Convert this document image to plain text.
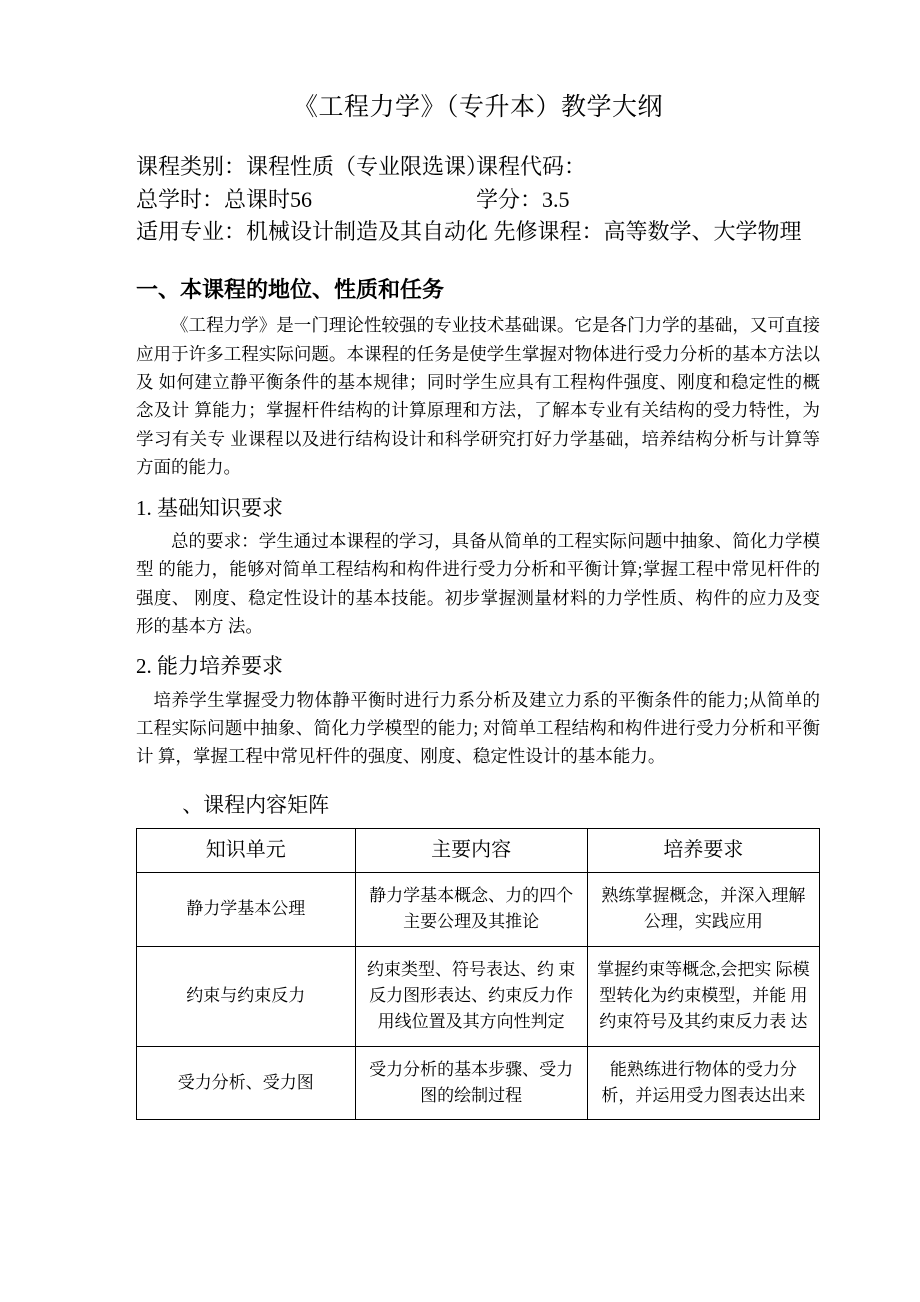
《工程力学》（专升本）教学大纲
课程类别：课程性质（专业限选课）课程代码：
总学时：总课时56	学分：3.5
适用专业：机械设计制造及其自动化 先修课程：高等数学、大学物理
一、本课程的地位、性质和任务

《工程力学》是一门理论性较强的专业技术基础课。它是各门力学的基础，又可直接 应用于许多工程实际问题。本课程的任务是使学生掌握对物体进行受力分析的基本方法以及 如何建立静平衡条件的基本规律；同时学生应具有工程构件强度、刚度和稳定性的概念及计 算能力；掌握杆件结构的计算原理和方法，了解本专业有关结构的受力特性，为学习有关专 业课程以及进行结构设计和科学研究打好力学基础，培养结构分析与计算等方面的能力。

1. 基础知识要求

总的要求：学生通过本课程的学习，具备从简单的工程实际问题中抽象、简化力学模型 的能力，能够对简单工程结构和构件进行受力分析和平衡计算;掌握工程中常见杆件的强度、 刚度、稳定性设计的基本技能。初步掌握测量材料的力学性质、构件的应力及变形的基本方 法。

2. 能力培养要求

培养学生掌握受力物体静平衡时进行力系分析及建立力系的平衡条件的能力;从简单的工程实际问题中抽象、简化力学模型的能力; 对简单工程结构和构件进行受力分析和平衡计 算，掌握工程中常见杆件的强度、刚度、稳定性设计的基本能力。

、课程内容矩阵
知识单元	主要内容	培养要求
静力学基本公理	静力学基本概念、力的四个主要公理及其推论	熟练掌握概念，并深入理解公理，实践应用
约束与约束反力	约束类型、符号表达、约 束反力图形表达、约束反力作用线位置及其方向性判定	掌握约束等概念,会把实 际模型转化为约束模型，并能 用约束符号及其约束反力表 达
受力分析、受力图	受力分析的基本步骤、受力图的绘制过程	能熟练进行物体的受力分析，并运用受力图表达出来
